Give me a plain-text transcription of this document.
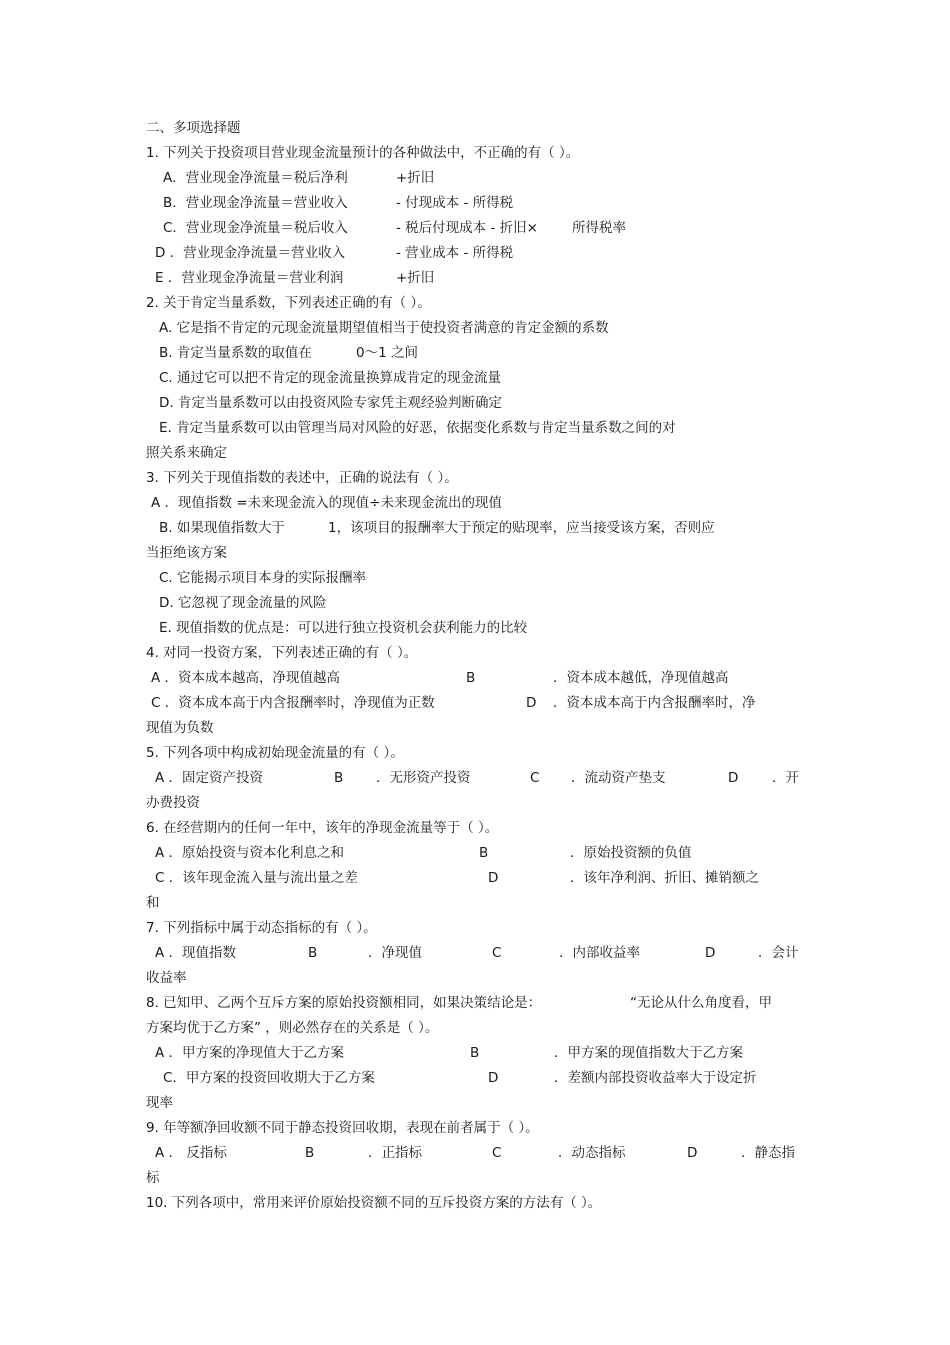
二、多项选择题
1. 下列关于投资项目营业现金流量预计的各种做法中，不正确的有（ ）。
A．营业现金净流量＝税后净利	+折旧
B．营业现金净流量＝营业收入	- 付现成本 - 所得税
C．营业现金净流量＝税后收入	- 税后付现成本 - 折旧×	所得税率
D ．营业现金净流量＝营业收入	- 营业成本 - 所得税
E ．营业现金净流量＝营业利润	+折旧
2. 关于肯定当量系数，下列表述正确的有（ ）。
A. 它是指不肯定的元现金流量期望值相当于使投资者满意的肯定金额的系数
B. 肯定当量系数的取值在	0～1 之间
C. 通过它可以把不肯定的现金流量换算成肯定的现金流量
D. 肯定当量系数可以由投资风险专家凭主观经验判断确定
E. 肯定当量系数可以由管理当局对风险的好恶，依据变化系数与肯定当量系数之间的对
照关系来确定
3. 下列关于现值指数的表述中，正确的说法有（ ）。
A ．现值指数 =未来现金流入的现值÷未来现金流出的现值
B. 如果现值指数大于	1，该项目的报酬率大于预定的贴现率，应当接受该方案，否则应
当拒绝该方案
C. 它能揭示项目本身的实际报酬率
D. 它忽视了现金流量的风险
E. 现值指数的优点是：可以进行独立投资机会获利能力的比较
4. 对同一投资方案，下列表述正确的有（ ）。
A ．资本成本越高，净现值越高	B	．资本成本越低，净现值越高
C ．资本成本高于内含报酬率时，净现值为正数	D ．资本成本高于内含报酬率时，净
现值为负数
5. 下列各项中构成初始现金流量的有（ ）。
A ．固定资产投资	B ．无形资产投资	C ．流动资产垫支	D ．开
办费投资
6. 在经营期内的任何一年中，该年的净现金流量等于（ ）。
A ．原始投资与资本化利息之和	B	．原始投资额的负值
C ．该年现金流入量与流出量之差	D	．该年净利润、折旧、摊销额之
和
7. 下列指标中属于动态指标的有（ ）。
A ．现值指数	B	．净现值	C	．内部收益率	D	．会计
收益率
8. 已知甲、乙两个互斥方案的原始投资额相同，如果决策结论是：	“无论从什么角度看，甲
方案均优于乙方案” ，则必然存在的关系是（ ）。
A ．甲方案的净现值大于乙方案	B	．甲方案的现值指数大于乙方案
C．甲方案的投资回收期大于乙方案	D	．差额内部投资收益率大于设定折
现率
9. 年等额净回收额不同于静态投资回收期，表现在前者属于（ ）。
A ． 反指标	B	．正指标	C	．动态指标	D	．静态指
标
10. 下列各项中，常用来评价原始投资额不同的互斥投资方案的方法有（ ）。
